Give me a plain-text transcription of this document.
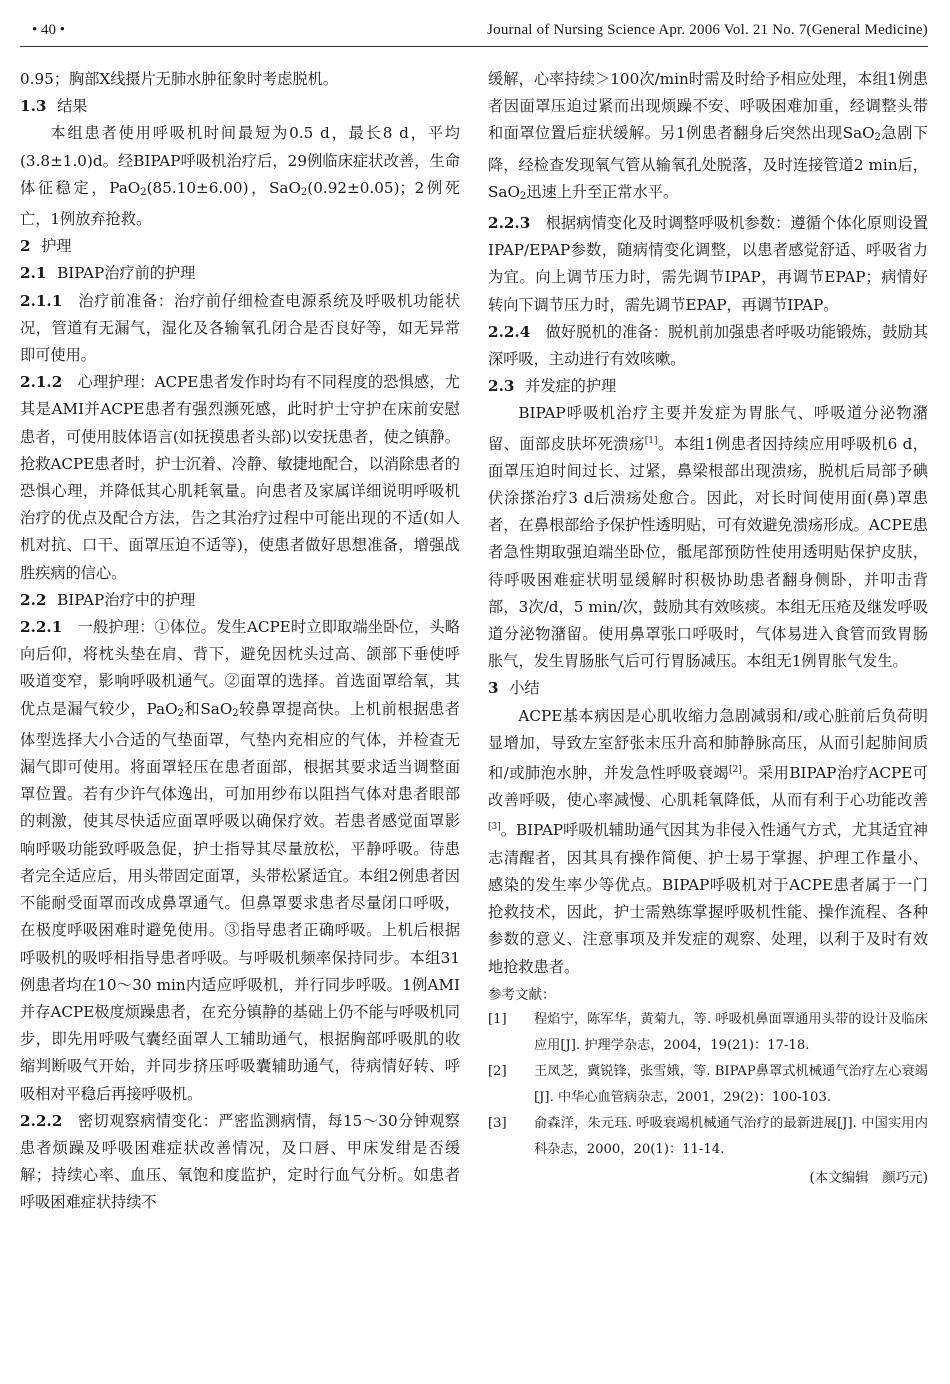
• 40 •	Journal of Nursing Science Apr. 2006 Vol. 21 No. 7(General Medicine)

0.95；胸部X线摄片无肺水肿征象时考虑脱机。

1.3 结果

本组患者使用呼吸机时间最短为0.5 d，最长8 d，平均(3.8±1.0)d。经BIPAP呼吸机治疗后，29例临床症状改善，生命体征稳定，PaO$_2$(85.10±6.00)，SaO$_2$(0.92±0.05)；2例死亡，1例放弃抢救。

2 护理

2.1 BIPAP治疗前的护理

2.1.1 治疗前准备：治疗前仔细检查电源系统及呼吸机功能状况，管道有无漏气，湿化及各输氧孔闭合是否良好等，如无异常即可使用。

2.1.2 心理护理：ACPE患者发作时均有不同程度的恐惧感，尤其是AMI并ACPE患者有强烈濒死感，此时护士守护在床前安慰患者，可使用肢体语言(如抚摸患者头部)以安抚患者，使之镇静。抢救ACPE患者时，护士沉着、冷静、敏捷地配合，以消除患者的恐惧心理，并降低其心肌耗氧量。向患者及家属详细说明呼吸机治疗的优点及配合方法，告之其治疗过程中可能出现的不适(如人机对抗、口干、面罩压迫不适等)，使患者做好思想准备，增强战胜疾病的信心。

2.2 BIPAP治疗中的护理

2.2.1 一般护理：①体位。发生ACPE时立即取端坐卧位，头略向后仰，将枕头垫在肩、背下，避免因枕头过高、颌部下垂使呼吸道变窄，影响呼吸机通气。②面罩的选择。首选面罩给氧，其优点是漏气较少，PaO$_2$和SaO$_2$较鼻罩提高快。上机前根据患者体型选择大小合适的气垫面罩，气垫内充相应的气体，并检查无漏气即可使用。将面罩轻压在患者面部，根据其要求适当调整面罩位置。若有少许气体逸出，可加用纱布以阻挡气体对患者眼部的刺激，使其尽快适应面罩呼吸以确保疗效。若患者感觉面罩影响呼吸功能致呼吸急促，护士指导其尽量放松，平静呼吸。待患者完全适应后，用头带固定面罩，头带松紧适宜。本组2例患者因不能耐受面罩而改成鼻罩通气。但鼻罩要求患者尽量闭口呼吸，在极度呼吸困难时避免使用。③指导患者正确呼吸。上机后根据呼吸机的吸呼相指导患者呼吸。与呼吸机频率保持同步。本组31例患者均在10～30 min内适应呼吸机，并行同步呼吸。1例AMI并存ACPE极度烦躁患者，在充分镇静的基础上仍不能与呼吸机同步，即先用呼吸气囊经面罩人工辅助通气，根据胸部呼吸肌的收缩判断吸气开始，并同步挤压呼吸囊辅助通气，待病情好转、呼吸相对平稳后再接呼吸机。

2.2.2 密切观察病情变化：严密监测病情，每15～30分钟观察患者烦躁及呼吸困难症状改善情况，及口唇、甲床发绀是否缓解；持续心率、血压、氧饱和度监护，定时行血气分析。如患者呼吸困难症状持续不

缓解，心率持续＞100次/min时需及时给予相应处理，本组1例患者因面罩压迫过紧而出现烦躁不安、呼吸困难加重，经调整头带和面罩位置后症状缓解。另1例患者翻身后突然出现SaO$_2$急剧下降，经检查发现氧气管从输氧孔处脱落，及时连接管道2 min后，SaO$_2$迅速上升至正常水平。

2.2.3 根据病情变化及时调整呼吸机参数：遵循个体化原则设置IPAP/EPAP参数，随病情变化调整，以患者感觉舒适、呼吸省力为宜。向上调节压力时，需先调节IPAP，再调节EPAP；病情好转向下调节压力时，需先调节EPAP，再调节IPAP。

2.2.4 做好脱机的准备：脱机前加强患者呼吸功能锻炼，鼓励其深呼吸，主动进行有效咳嗽。

2.3 并发症的护理

BIPAP呼吸机治疗主要并发症为胃胀气、呼吸道分泌物潴留、面部皮肤坏死溃疡[1]。本组1例患者因持续应用呼吸机6 d，面罩压迫时间过长、过紧，鼻梁根部出现溃疡，脱机后局部予碘伏涂搽治疗3 d后溃疡处愈合。因此，对长时间使用面(鼻)罩患者，在鼻根部给予保护性透明贴，可有效避免溃疡形成。ACPE患者急性期取强迫端坐卧位，骶尾部预防性使用透明贴保护皮肤，待呼吸困难症状明显缓解时积极协助患者翻身侧卧，并叩击背部，3次/d，5 min/次，鼓励其有效咳痰。本组无压疮及继发呼吸道分泌物潴留。使用鼻罩张口呼吸时，气体易进入食管而致胃肠胀气，发生胃肠胀气后可行胃肠减压。本组无1例胃胀气发生。

3 小结

ACPE基本病因是心肌收缩力急剧减弱和/或心脏前后负荷明显增加，导致左室舒张末压升高和肺静脉高压，从而引起肺间质和/或肺泡水肿，并发急性呼吸衰竭[2]。采用BIPAP治疗ACPE可改善呼吸，使心率减慢、心肌耗氧降低，从而有利于心功能改善[3]。BIPAP呼吸机辅助通气因其为非侵入性通气方式，尤其适宜神志清醒者，因其具有操作简便、护士易于掌握、护理工作量小、感染的发生率少等优点。BIPAP呼吸机对于ACPE患者属于一门抢救技术，因此，护士需熟练掌握呼吸机性能、操作流程、各种参数的意义、注意事项及并发症的观察、处理，以利于及时有效地抢救患者。

参考文献：

[1]	程焰宁，陈军华，黄菊九，等. 呼吸机鼻面罩通用头带的设计及临床应用[J]. 护理学杂志，2004，19(21)：17-18.
[2]	王凤芝，冀锐锋，张雪娥，等. BIPAP鼻罩式机械通气治疗左心衰竭[J]. 中华心血管病杂志，2001，29(2)：100-103.
[3]	俞森洋，朱元珏. 呼吸衰竭机械通气治疗的最新进展[J]. 中国实用内科杂志，2000，20(1)：11-14.
(本文编辑　颜巧元)
